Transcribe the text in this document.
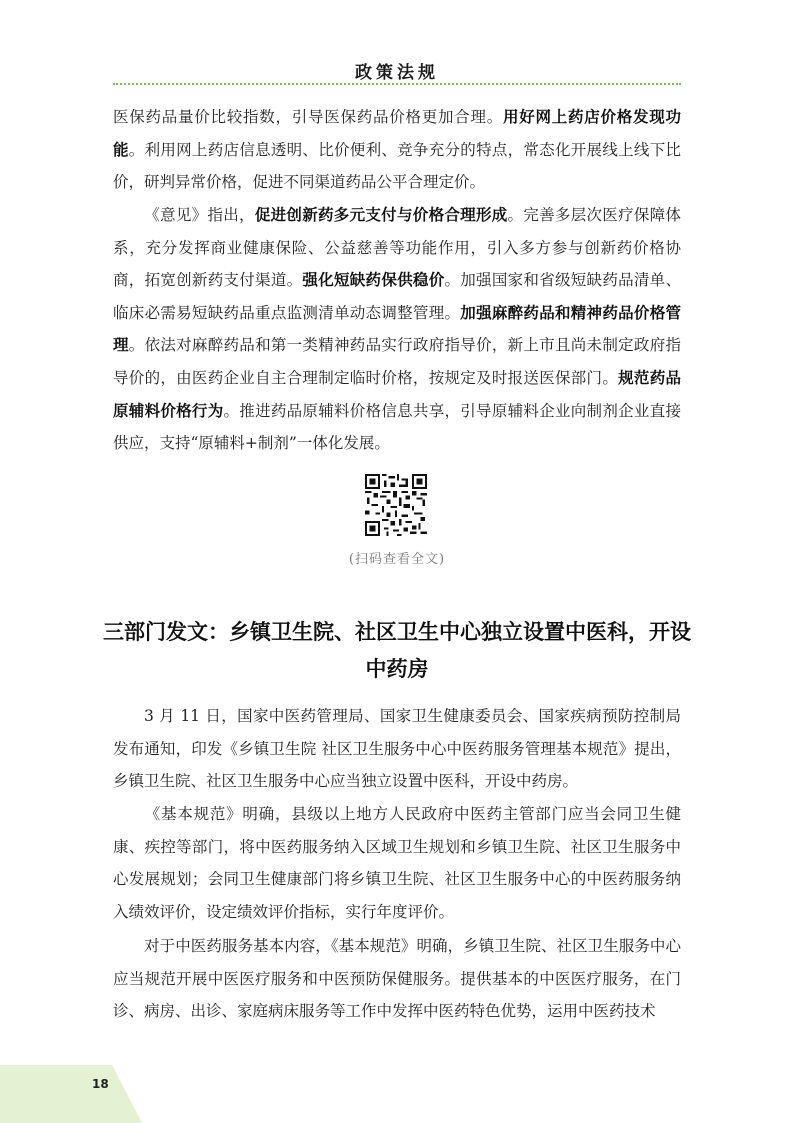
政策法规

医保药品量价比较指数，引导医保药品价格更加合理。用好网上药店价格发现功能。利用网上药店信息透明、比价便利、竞争充分的特点，常态化开展线上线下比价，研判异常价格，促进不同渠道药品公平合理定价。

《意见》指出，促进创新药多元支付与价格合理形成。完善多层次医疗保障体系，充分发挥商业健康保险、公益慈善等功能作用，引入多方参与创新药价格协商，拓宽创新药支付渠道。强化短缺药保供稳价。加强国家和省级短缺药品清单、临床必需易短缺药品重点监测清单动态调整管理。加强麻醉药品和精神药品价格管理。依法对麻醉药品和第一类精神药品实行政府指导价，新上市且尚未制定政府指导价的，由医药企业自主合理制定临时价格，按规定及时报送医保部门。规范药品原辅料价格行为。推进药品原辅料价格信息共享，引导原辅料企业向制剂企业直接供应，支持“原辅料+制剂”一体化发展。

(扫码查看全文)
三部门发文：乡镇卫生院、社区卫生中心独立设置中医科，开设
中药房

3 月 11 日，国家中医药管理局、国家卫生健康委员会、国家疾病预防控制局发布通知，印发《乡镇卫生院 社区卫生服务中心中医药服务管理基本规范》提出，乡镇卫生院、社区卫生服务中心应当独立设置中医科，开设中药房。

《基本规范》明确，县级以上地方人民政府中医药主管部门应当会同卫生健康、疾控等部门，将中医药服务纳入区域卫生规划和乡镇卫生院、社区卫生服务中心发展规划；会同卫生健康部门将乡镇卫生院、社区卫生服务中心的中医药服务纳入绩效评价，设定绩效评价指标，实行年度评价。

对于中医药服务基本内容，《基本规范》明确，乡镇卫生院、社区卫生服务中心应当规范开展中医医疗服务和中医预防保健服务。提供基本的中医医疗服务，在门诊、病房、出诊、家庭病床服务等工作中发挥中医药特色优势，运用中医药技术

18
